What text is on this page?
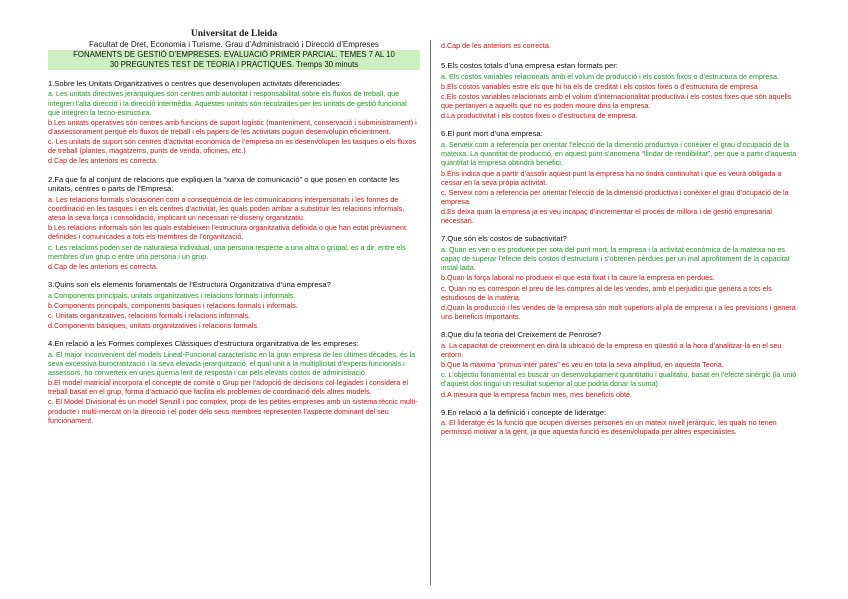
Universitat de Lleida
Facultat de Dret, Economia i Turisme. Grau d’Administració i Direcció d’Empreses
FONAMENTS DE GESTIÓ D’EMPRESES. EVALUACIÓ PRIMER PARCIAL. TEMES 7 AL 10
30 PREGUNTES TEST DE TEORIA I PRACTIQUES. Tremps 30 minuts
1.Sobre les Unitats Organitzatives o centres que desenvolupen activitats diferenciades:
a. Les unitats directives jeràrquiques son centres amb autoritat i responsabilitat sobre els fluxos de treball, que integren l’alta direcció i la direcció intermèdia. Aquestes unitats són recolzades per les unitats de gestió funcional que integren la tecno-estructura.
b.Les unitats operatives són centres amb funcions de suport logístic (manteniment, conservació i subministrament) i d’assessorament perquè els fluxos de treball i els papers de les activitats puguin desenvolupin eficientment.
c. Les unitats de suport són centres d’activitat econòmica de l’empresa on es desenvolupen les tasques o els fluxos de treball (plantes, magatzems, punts de venda, oficines, etc.)
d.Cap de les anteriors es correcta.
2.Fa que fa al conjunt de relacions que expliquen la “xarxa de comunicació” o que posen en contacte les unitats, centres o parts de l’Empresa:
a. Les relacions formals s’ocasionen com a conseqüència de les comunicacions interpersonals i les formes de coordinació en les tasques i en els centres d’activitat, les quals poden arribar a substituir les relacions informals, atesa la seva força i consolidació, implicant un necessari re-disseny organitzatiu.
b.Les relacions informals són les quals estableixen l’estructura organitzativa definida o que han estat prèviament definides i comunicades a tots els membres de l’organització.
c. Les relacions poden ser de naturalesa individual, una persona respecte a una altra o grupal, es a dir, entre els membres d’un grup o entre una persona i un grup.
d.Cap de les anteriors es correcta.
3.Quins son els elements fonamentals de l’Estructura Organitzativa d’una empresa?
a.Components principals, unitats organitzatives i relacions formals i informals.
b.Components principals, components bàsiques i relacions formals i informals.
c. Unitats organitzatives, relacions formals i relacions informals.
d.Components bàsiques, unitats organitzatives i relacions formals.
4.En relació a les Formes complexes Clàssiques d’estructura organitzativa de les empreses:
a. El major inconvenient del models Lineal-Funcional característic en la gran empresa de les últimes dècades, és la seva excessiva burocratització i la seva elevada jerarquització, el qual unit a la multiplicitat d’experts funcionals i assessors, ho converteix en unes querna lent de resposta i car pels elevats costos de administració.
b.El model matricial incorpora el concepte de comitè o Grup per l’adopció de decisions col·legiades i considera el treball basat en el grup, forma d’actuació que facilita els problemes de coordinació dels altres models.
c. El Model Divisional és un model Senzill i poc complex, propi de les petites empreses amb un sistema tècnic multi-producte i multi-mercat on la direcció i el poder dels seus membres representen l’aspecte dominant del seu funcionament.
d.Cap de les anteriors es correcta.
5.Els costos totals d’una empresa estan formats per:
a. Els costos variables relacionats amb el volum de producció i els costos fixos o d’estructura de empresa.
b.Els costos variables estre els que hi ha els de creditat i els costos fixes o d’estructura de empresa
c.Els costos variables relacionats amb el volum d’internacionalitat productiva i els costos fixes que són aquells que pertanyen a aquells que no es poden moure dins la empresa.
d.La productivitat i els costos fixes o d’estructura de empresa.
6.El punt mort d’una empresa:
a. Serveix com a referencia per orientar l’elecció de la dimensió productiva i conèixer el grau d’ocupació de la mateixa. La quantitat de producció, en aquest punt s’anomena “llindar de rendibilitat”, per que a partir d’aquesta quantitat la empresa obtindrà benefici.
b.Ens indica que a partir d’assolir aquest punt la empresa ha no tindrà continuïtat i que es veurà obligada a cessar en la seva pròpia activitat.
c. Serveix com a referencia per orientar l’elecció de la dimensió productiva i conèixer el grau d’ocupació de la empresa.
d.Es deixa quan la empresa ja es veu incapaç d’incrementar el procés de millora i de gestió empresarial necessari.
7.Que són els costos de subactivitat?
a. Quan es ven o es produeix per sota del punt mort, la empresa i la activitat econòmica de la mateixa no es capaç de superar l’efecte dels costos d’estructura i s’obtenen pèrdues per un mal aprofitament de la capacitat instal·lada.
b.Quan la força laboral no produeix el que està fixat i fa caure la empresa en pèrdues.
c. Quan no es correspon el preu de les compres al de les vendes, amb el perjudici que genera a tots els estudiosos de la matèria.
d.Quan la producció i les vendes de la empresa són molt superiors al pla de empresa i a les previsions i genera uns beneficis importants.
8.Que diu la teoria del Creixement de Penrose?
a. La capacitat de creixement en dirà la ubicació de la empresa en qüestió a la hora d’analitzar-la en el seu entorn.
b.Que la màxima “primus inter pares” es veu en tota la seva amplitud, en aquesta Teoria.
c. L’objectiu fonamental es buscar un desenvolupament quantitatiu i qualitatiu, basat en l’efecte sinèrgic (la unió d’aquest dos tingui un resultat superior al que podria donar la suma)
d.A mesura que la empresa facturi mes, mes beneficis obté.
9.En relació a la definició i concepte de lideratge:
a. El lideratge és la funció que ocupen diverses persones en un mateix nivell jeràrquic, les quals no tenen permissió motivar a la gent, ja que aquesta funció es desenvolupada per altres especialistes.
